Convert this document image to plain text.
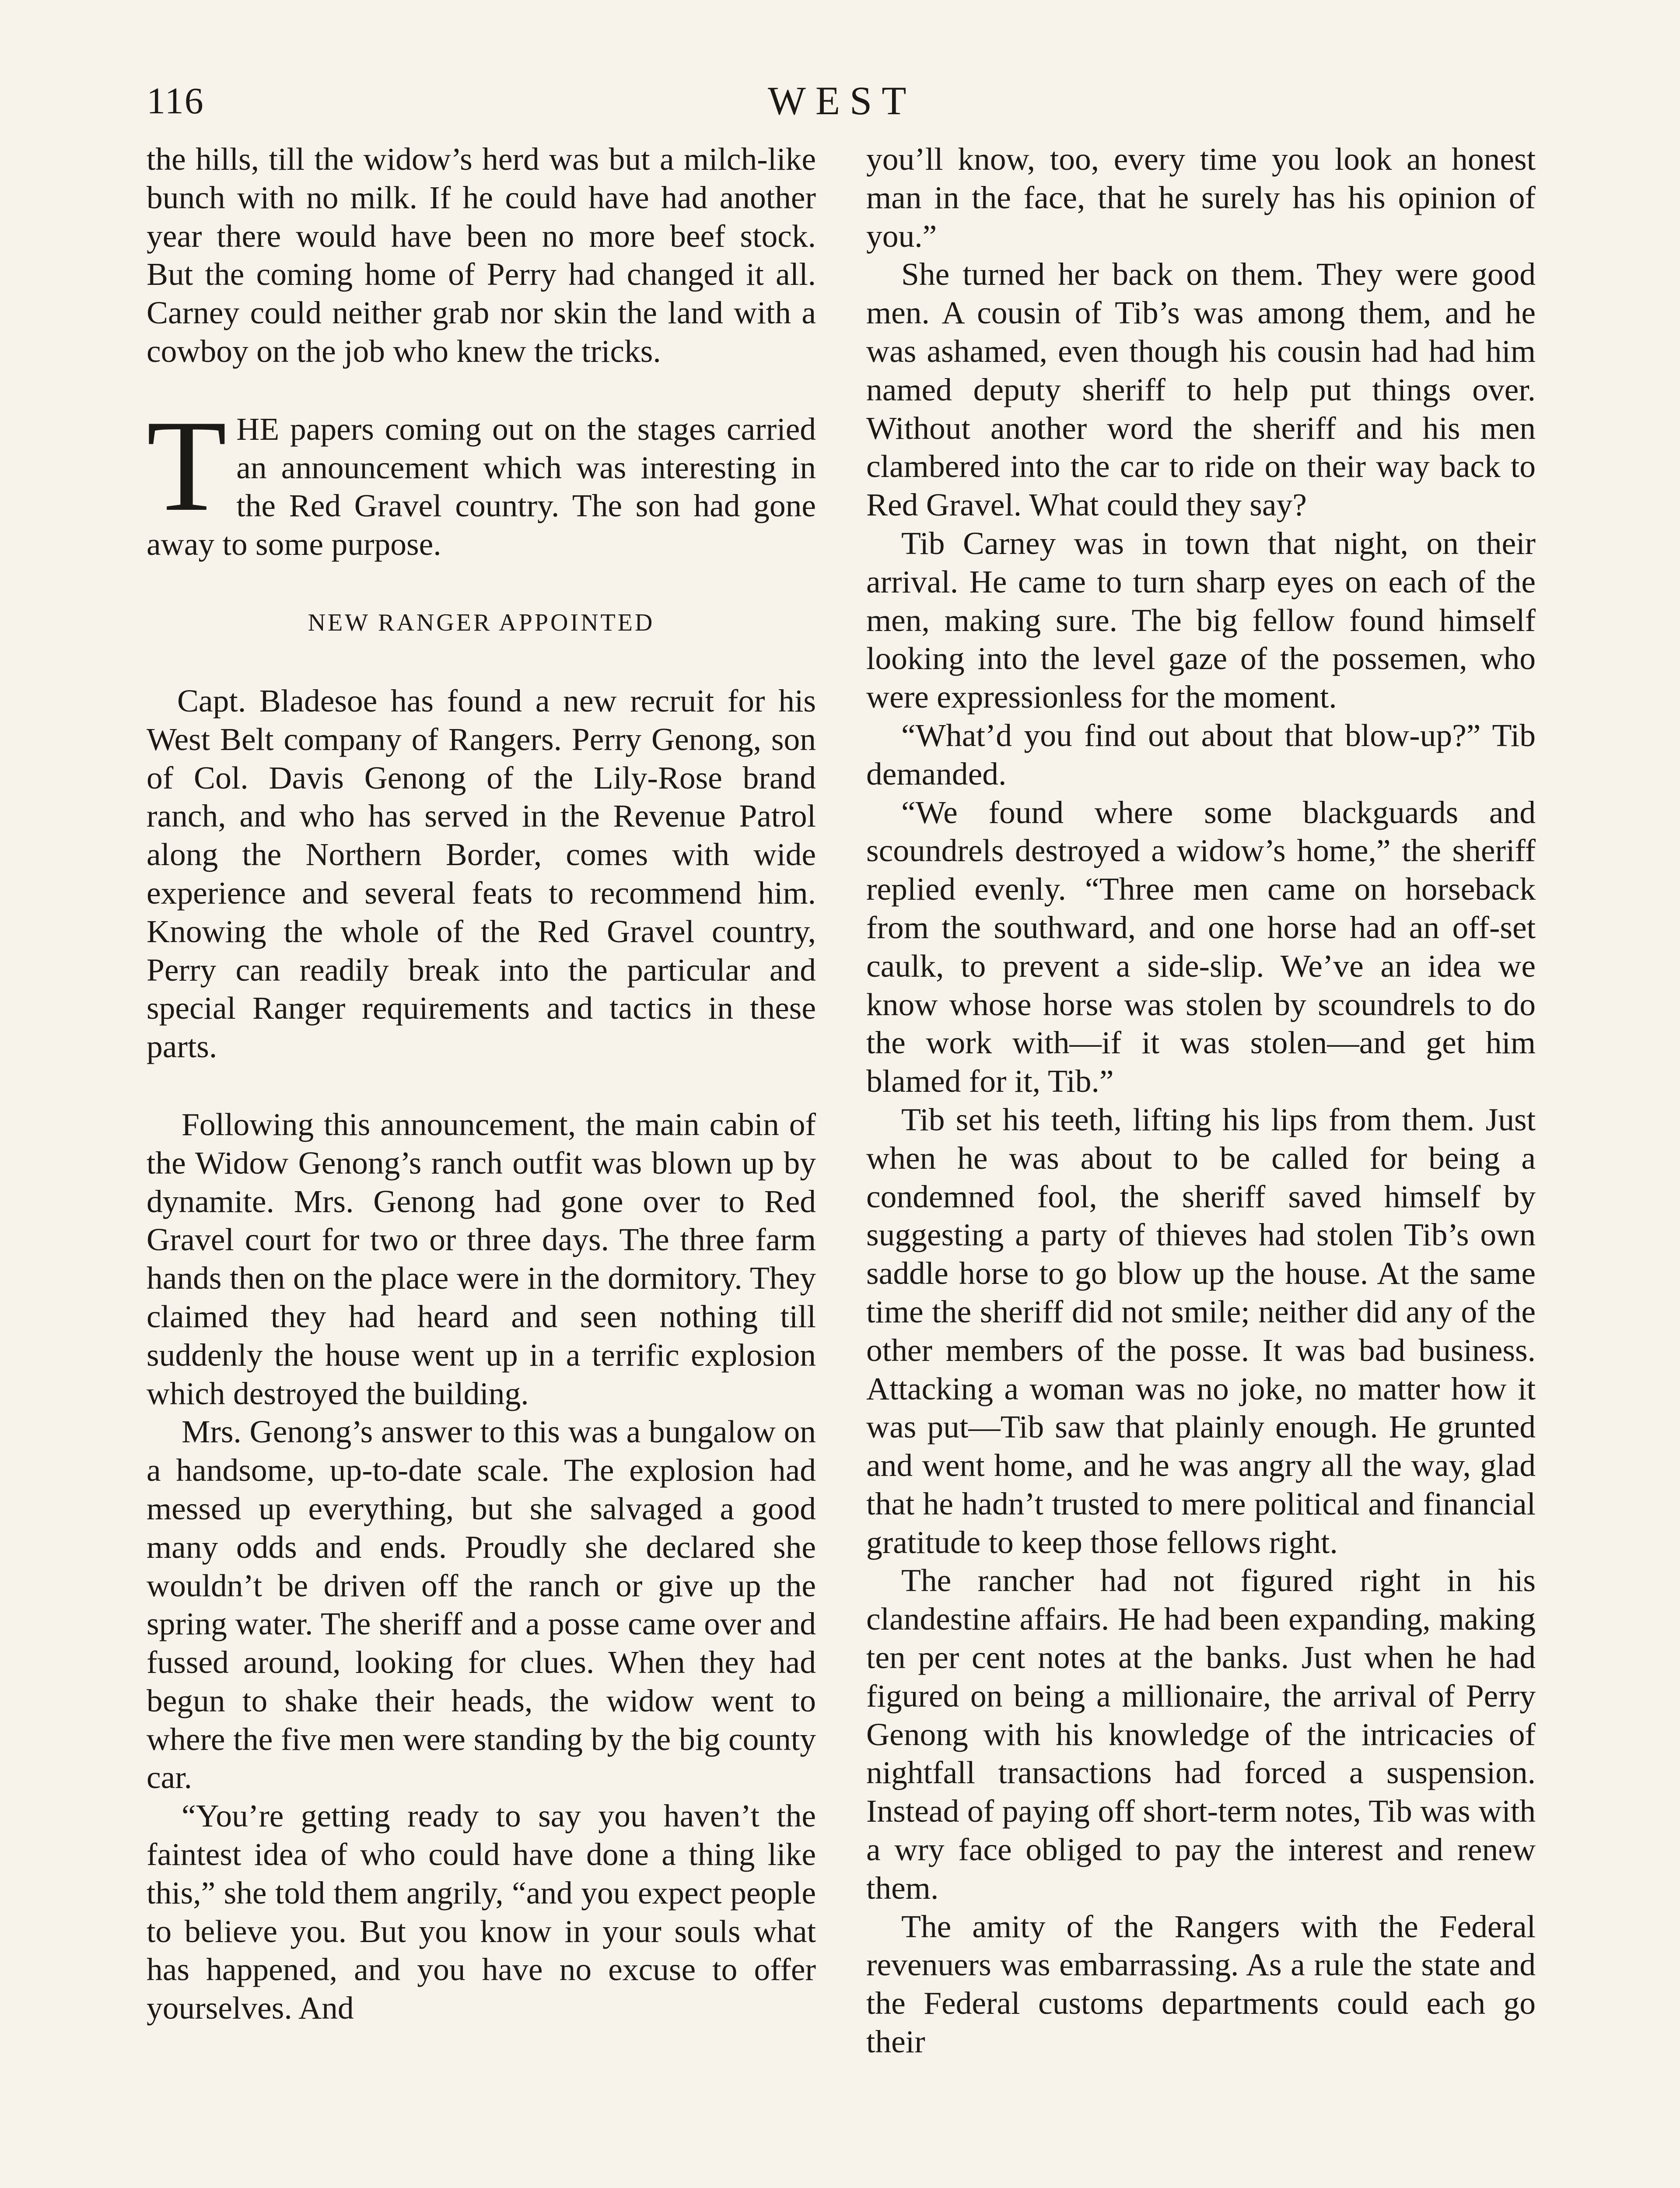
116	WEST

the hills, till the widow’s herd was but a milch-like bunch with no milk. If he could have had another year there would have been no more beef stock. But the coming home of Perry had changed it all. Carney could neither grab nor skin the land with a cowboy on the job who knew the tricks.

THE papers coming out on the stages carried an announcement which was interesting in the Red Gravel country. The son had gone away to some purpose.

NEW RANGER APPOINTED

Capt. Bladesoe has found a new recruit for his West Belt company of Rangers. Perry Genong, son of Col. Davis Genong of the Lily-Rose brand ranch, and who has served in the Revenue Patrol along the Northern Border, comes with wide experience and several feats to recommend him. Knowing the whole of the Red Gravel country, Perry can readily break into the particular and special Ranger requirements and tactics in these parts.

Following this announcement, the main cabin of the Widow Genong’s ranch outfit was blown up by dynamite. Mrs. Genong had gone over to Red Gravel court for two or three days. The three farm hands then on the place were in the dormitory. They claimed they had heard and seen nothing till suddenly the house went up in a terrific explosion which destroyed the building.

Mrs. Genong’s answer to this was a bungalow on a handsome, up-to-date scale. The explosion had messed up everything, but she salvaged a good many odds and ends. Proudly she declared she wouldn’t be driven off the ranch or give up the spring water. The sheriff and a posse came over and fussed around, looking for clues. When they had begun to shake their heads, the widow went to where the five men were standing by the big county car.

“You’re getting ready to say you haven’t the faintest idea of who could have done a thing like this,” she told them angrily, “and you expect people to believe you. But you know in your souls what has happened, and you have no excuse to offer yourselves. And

you’ll know, too, every time you look an honest man in the face, that he surely has his opinion of you.”

She turned her back on them. They were good men. A cousin of Tib’s was among them, and he was ashamed, even though his cousin had had him named deputy sheriff to help put things over. Without another word the sheriff and his men clambered into the car to ride on their way back to Red Gravel. What could they say?

Tib Carney was in town that night, on their arrival. He came to turn sharp eyes on each of the men, making sure. The big fellow found himself looking into the level gaze of the possemen, who were expressionless for the moment.

“What’d you find out about that blow-up?” Tib demanded.

“We found where some blackguards and scoundrels destroyed a widow’s home,” the sheriff replied evenly. “Three men came on horseback from the southward, and one horse had an off-set caulk, to prevent a side-slip. We’ve an idea we know whose horse was stolen by scoundrels to do the work with—if it was stolen—and get him blamed for it, Tib.”

Tib set his teeth, lifting his lips from them. Just when he was about to be called for being a condemned fool, the sheriff saved himself by suggesting a party of thieves had stolen Tib’s own saddle horse to go blow up the house. At the same time the sheriff did not smile; neither did any of the other members of the posse. It was bad business. Attacking a woman was no joke, no matter how it was put—Tib saw that plainly enough. He grunted and went home, and he was angry all the way, glad that he hadn’t trusted to mere political and financial gratitude to keep those fellows right.

The rancher had not figured right in his clandestine affairs. He had been expanding, making ten per cent notes at the banks. Just when he had figured on being a millionaire, the arrival of Perry Genong with his knowledge of the intricacies of nightfall transactions had forced a suspension. Instead of paying off short-term notes, Tib was with a wry face obliged to pay the interest and renew them.

The amity of the Rangers with the Federal revenuers was embarrassing. As a rule the state and the Federal customs departments could each go their
